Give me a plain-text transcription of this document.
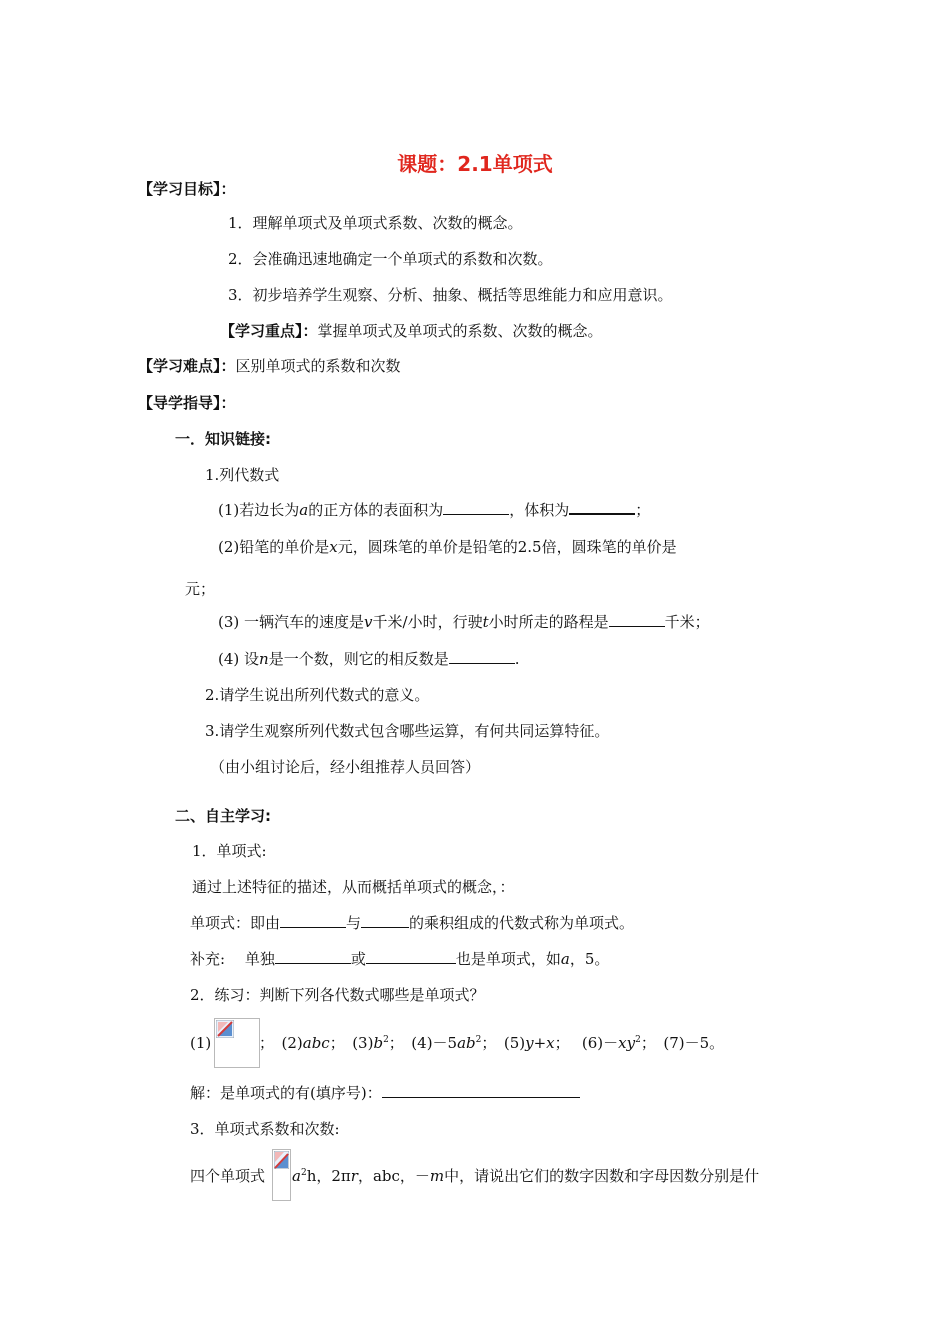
课题：2.1单项式
【学习目标】：
1．理解单项式及单项式系数、次数的概念。
2．会准确迅速地确定一个单项式的系数和次数。
3．初步培养学生观察、分析、抽象、概括等思维能力和应用意识。
【学习重点】：掌握单项式及单项式的系数、次数的概念。
【学习难点】：区别单项式的系数和次数
【导学指导】：
一．知识链接:
1.列代数式
(1)若边长为a的正方体的表面积为	，体积为	；
(2)铅笔的单价是x元，圆珠笔的单价是铅笔的2.5倍，圆珠笔的单价是
元；
(3) 一辆汽车的速度是v千米/小时，行驶t小时所走的路程是	千米；
(4) 设n是一个数，则它的相反数是	.
2.请学生说出所列代数式的意义。
3.请学生观察所列代数式包含哪些运算，有何共同运算特征。
（由小组讨论后，经小组推荐人员回答）
二、自主学习:
1．单项式:
通过上述特征的描述，从而概括单项式的概念，：
单项式：即由	与	的乘积组成的代数式称为单项式。
补充:　 单独	或	也是单项式，如a，5。
2．练习：判断下列各代数式哪些是单项式？
(1)	；　(2)abc；　$(3)b^2$；　$(4)-5ab^2$；　(5)y+x；　 $(6)-xy^2$；　(7)－5。
解：是单项式的有(填序号)：
3．单项式系数和次数:
四个单项式 $a^2h$，2πr，abc，－m中，请说出它们的数字因数和字母因数分别是什
